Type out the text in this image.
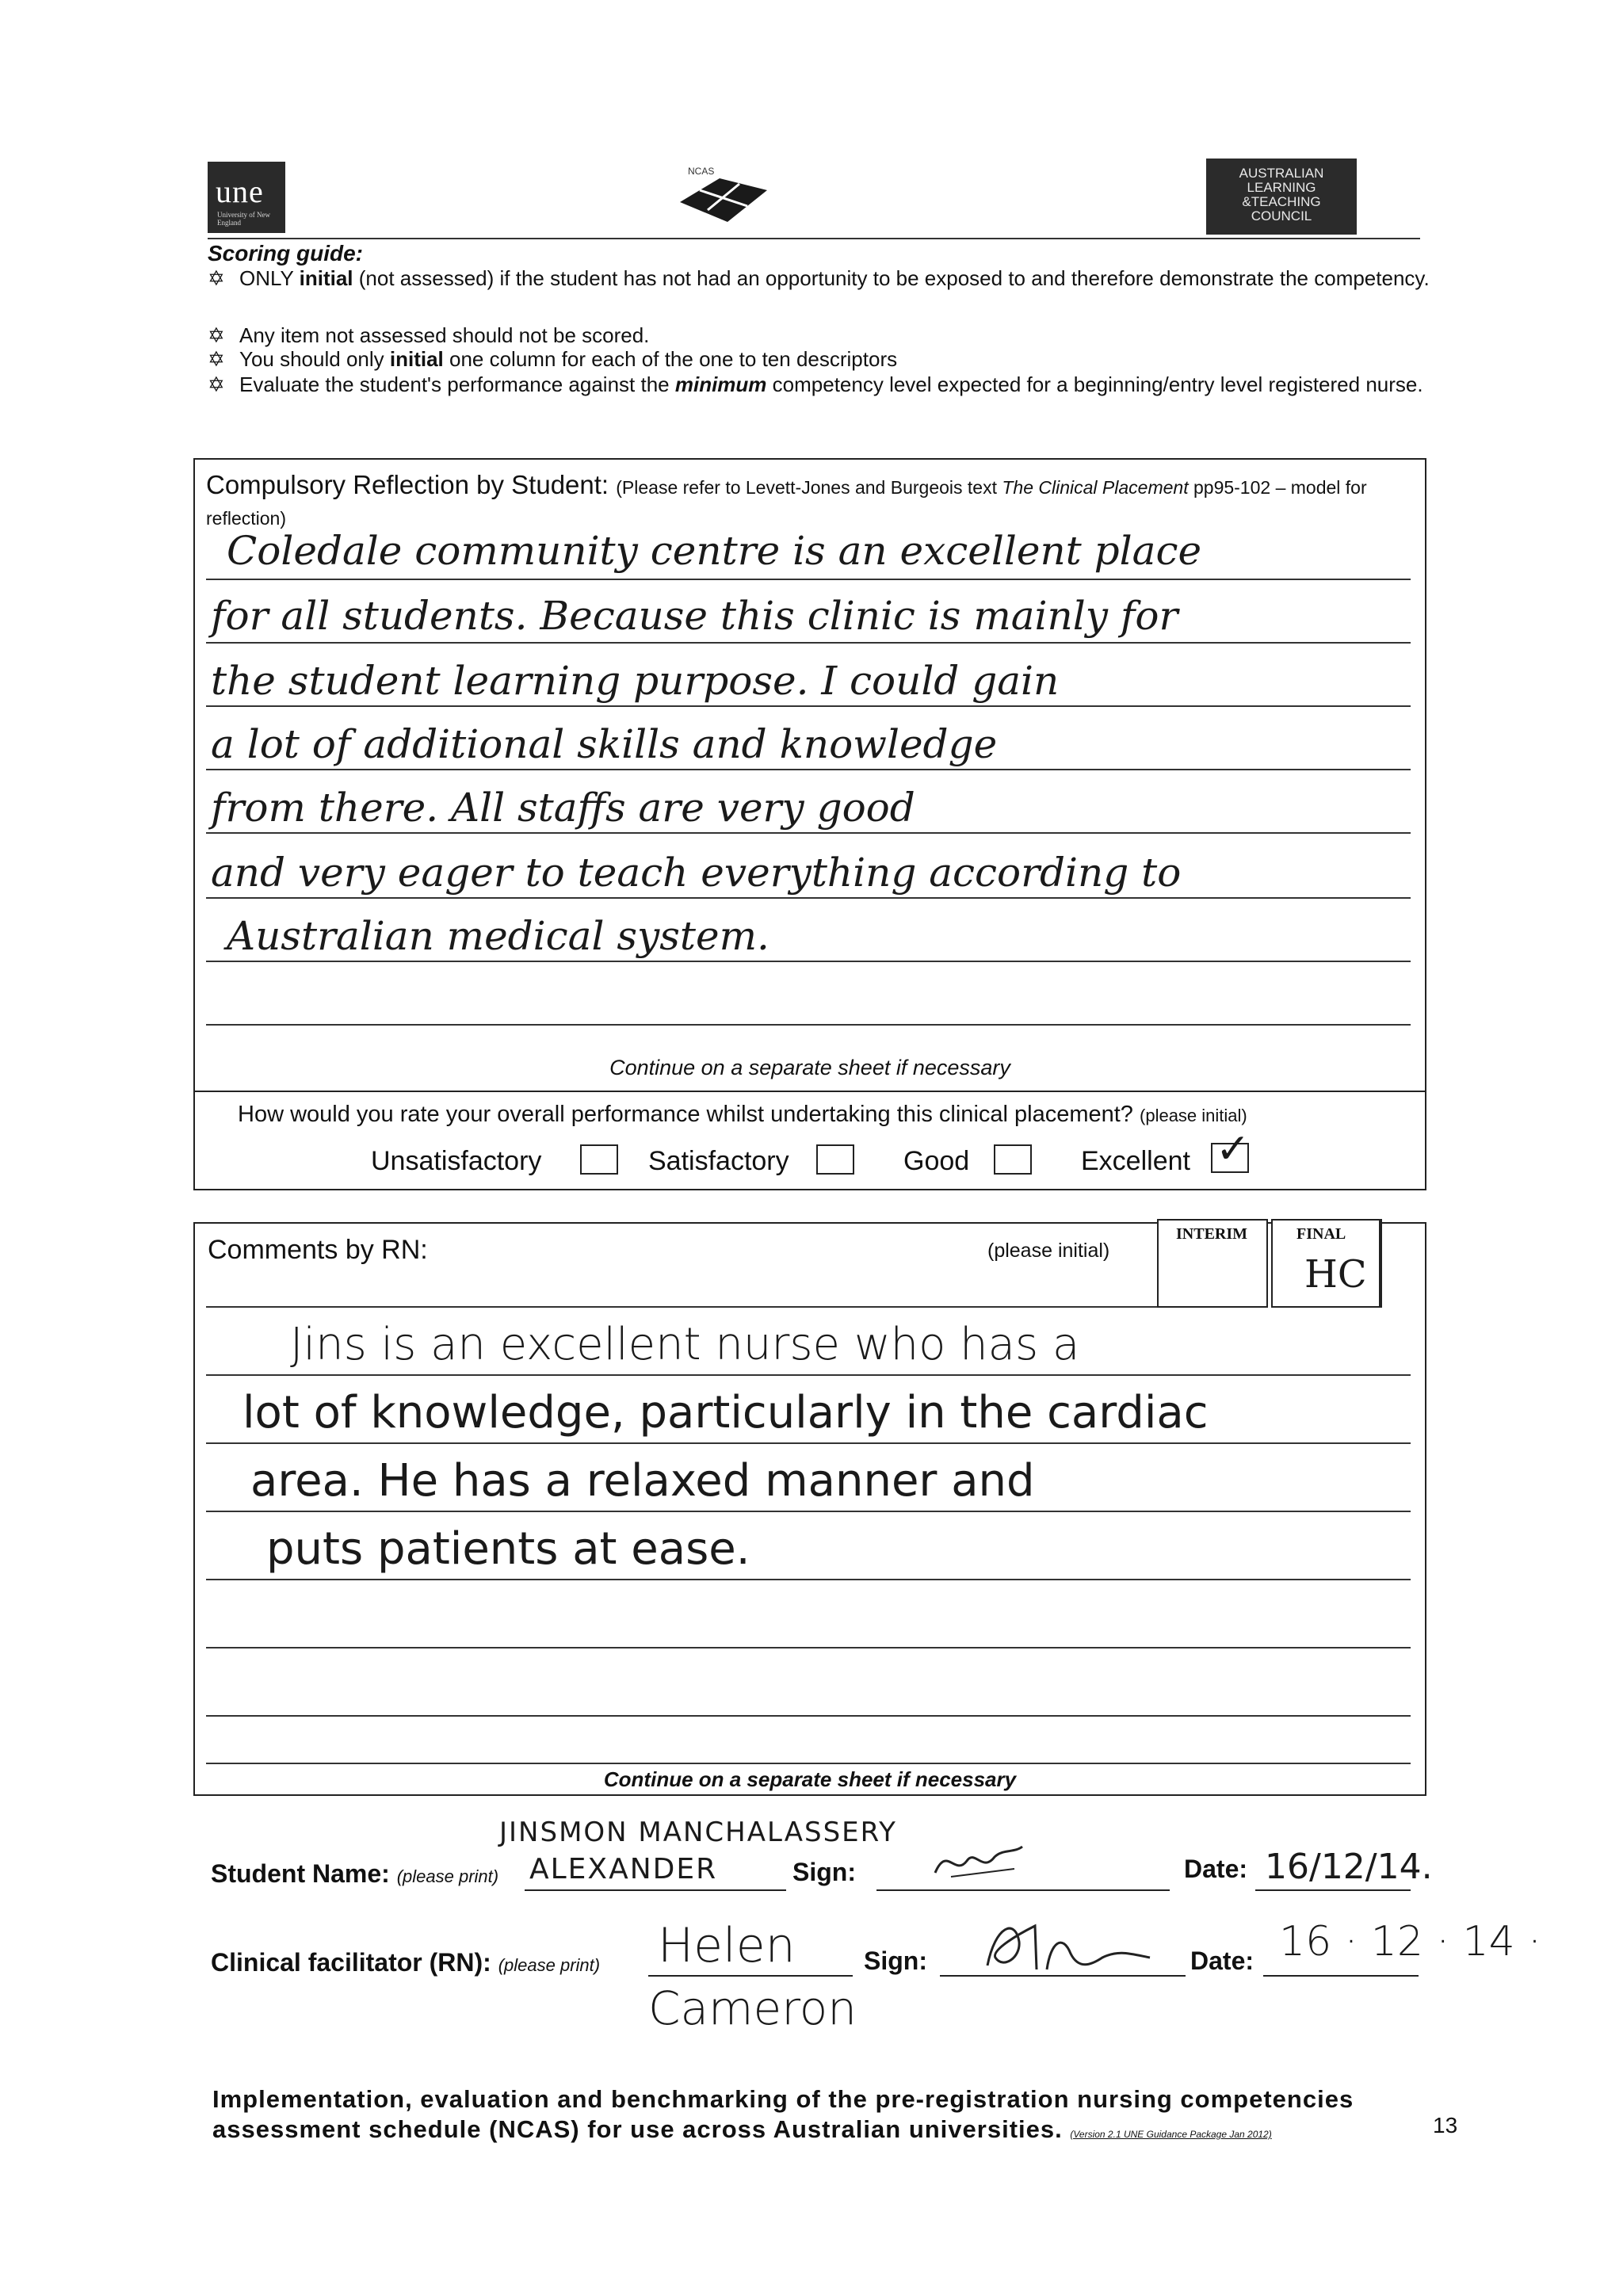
une
University of New England
NCAS	AUSTRALIAN
LEARNING
&TEACHING
COUNCIL
Scoring guide:
✡ ONLY initial (not assessed) if the student has not had an opportunity to be exposed to and therefore demonstrate the competency.
✡ Any item not assessed should not be scored.
✡ You should only initial one column for each of the one to ten descriptors
✡ Evaluate the student's performance against the minimum competency level expected for a beginning/entry level registered nurse.
Compulsory Reflection by Student: (Please refer to Levett-Jones and Burgeois text The Clinical Placement pp95-102 – model for reflection)
Coledale community centre is an excellent place
for all students. Because this clinic is mainly for
the student learning purpose. I could gain
a lot of additional skills and knowledge
from there. All staffs are very good
and very eager to teach everything according to
Australian medical system.
Continue on a separate sheet if necessary
How would you rate your overall performance whilst undertaking this clinical placement? (please initial)
Unsatisfactory	Satisfactory	Good	Excellent ✓
Comments by RN:	(please initial)
INTERIM	FINAL
HC
Jins is an excellent nurse who has a
lot of knowledge, particularly in the cardiac
area. He has a relaxed manner and
puts patients at ease.
Continue on a separate sheet if necessary
JINSMON MANCHALASSERY
Student Name: (please print) ALEXANDER	Sign:	Date: 16/12/14.
Clinical facilitator (RN): (please print) Helen
Cameron
Sign:	Date: 16 · 12 · 14 ·
Implementation, evaluation and benchmarking of the pre-registration nursing competencies
assessment schedule (NCAS) for use across Australian universities. (Version 2.1 UNE Guidance Package Jan 2012)	13
